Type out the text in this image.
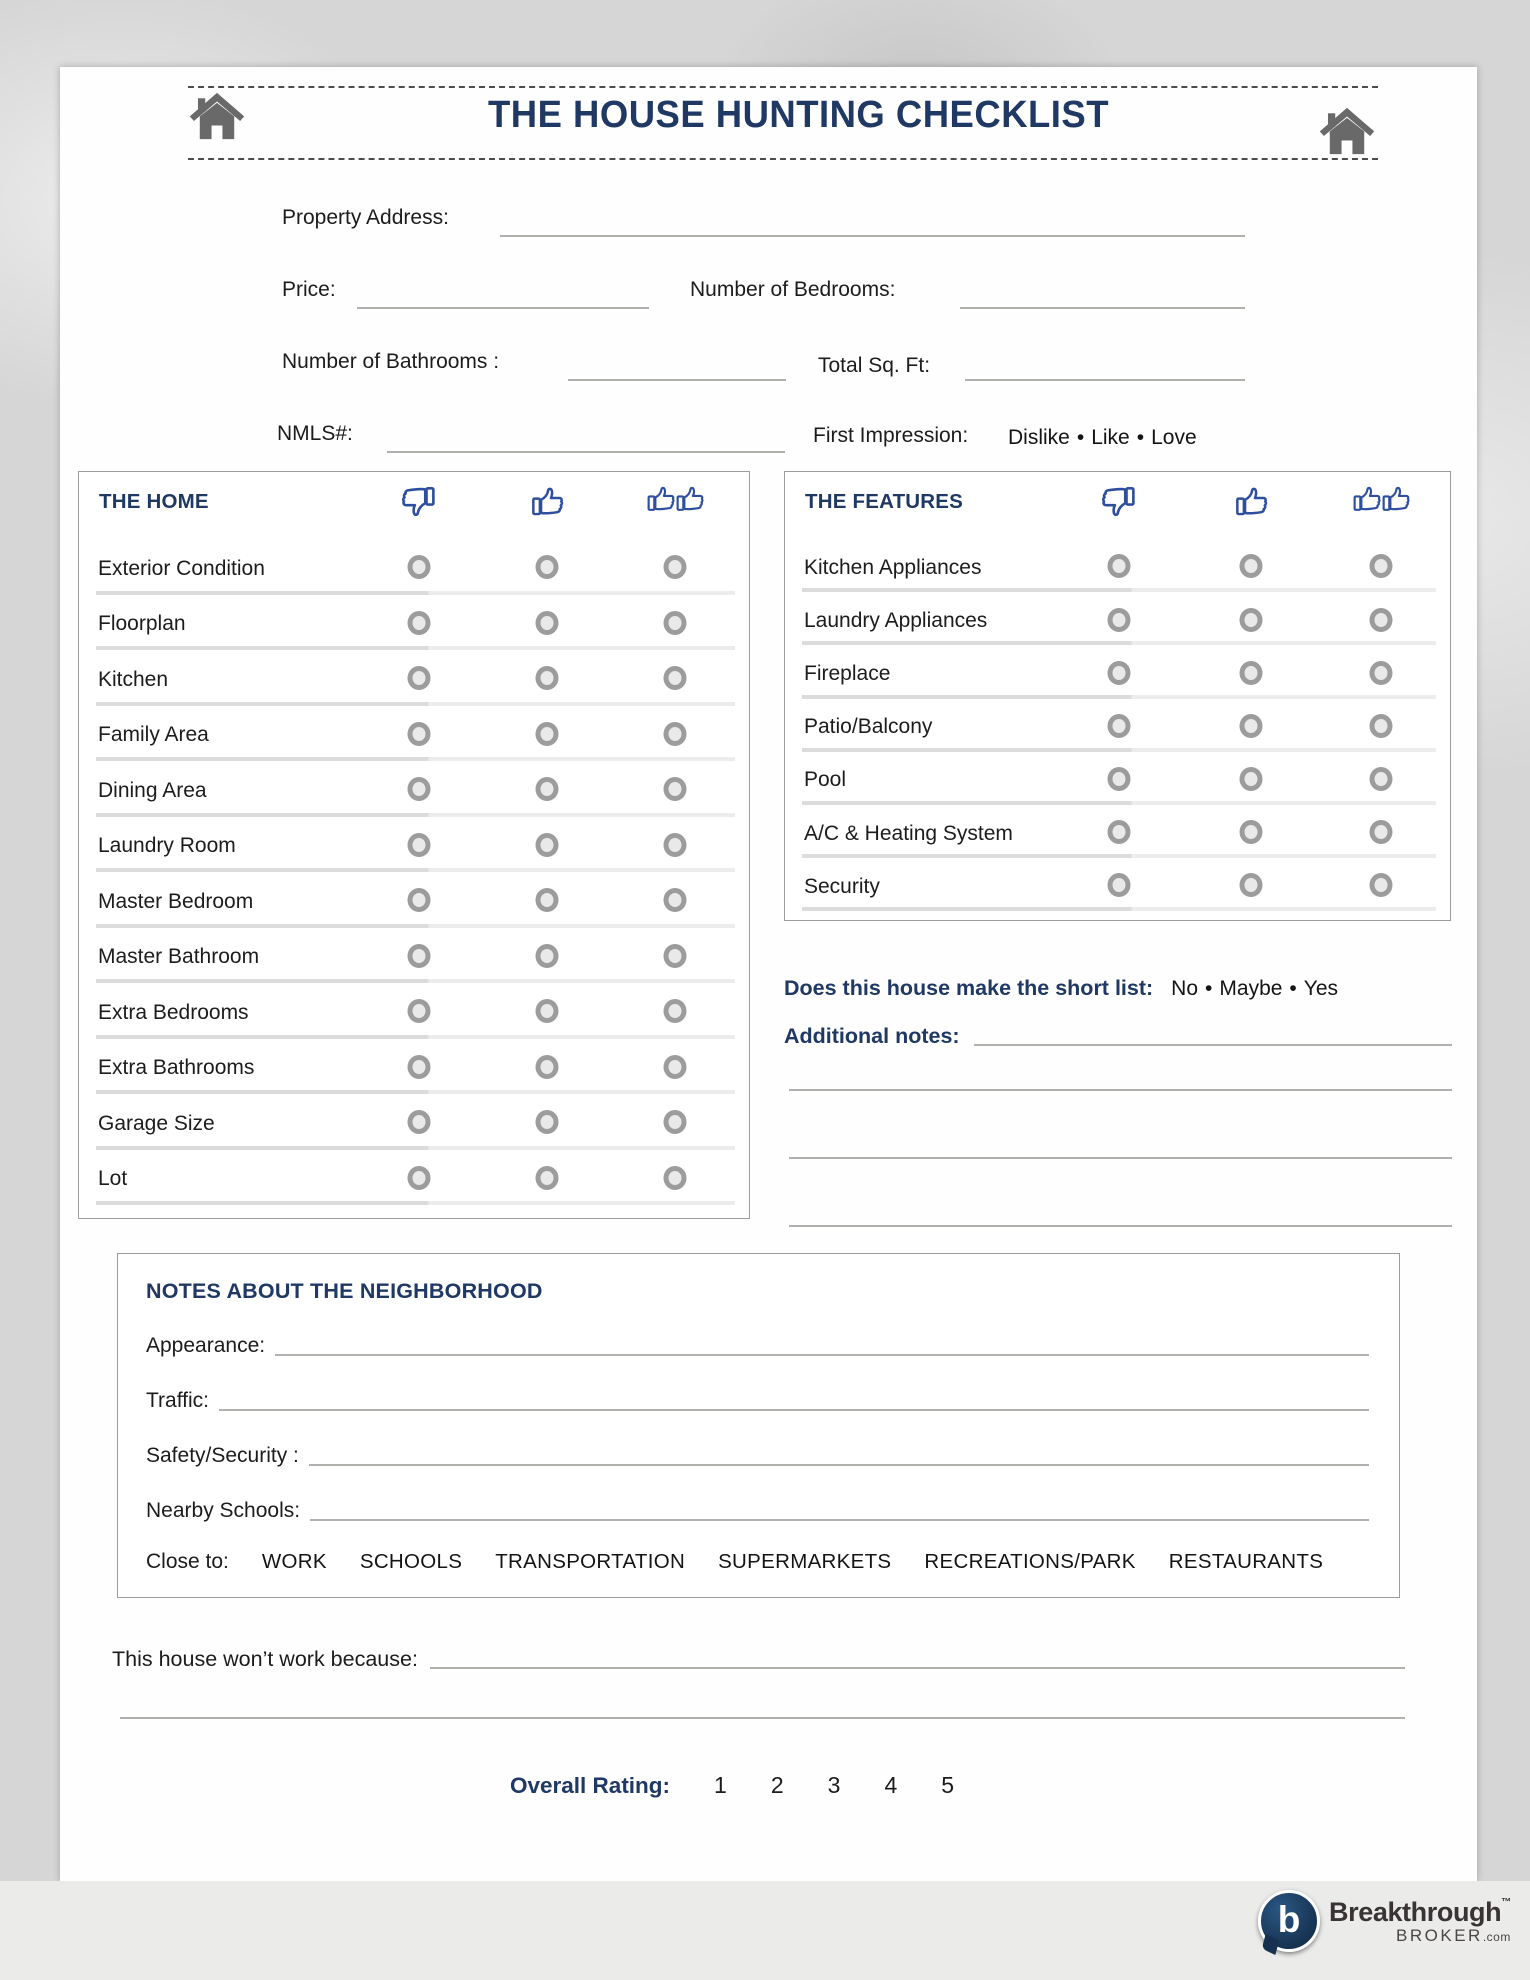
THE HOUSE HUNTING CHECKLIST
Property Address:
Price:	Number of Bedrooms:
Number of Bathrooms :	Total Sq. Ft:
NMLS#:	First Impression: Dislike • Like • Love
THE HOME
Exterior Condition
Floorplan
Kitchen
Family Area
Dining Area
Laundry Room
Master Bedroom
Master Bathroom
Extra Bedrooms
Extra Bathrooms
Garage Size
Lot
THE FEATURES
Kitchen Appliances
Laundry Appliances
Fireplace
Patio/Balcony
Pool
A/C & Heating System
Security
Does this house make the short list: No • Maybe • Yes
Additional notes:
NOTES ABOUT THE NEIGHBORHOOD
Appearance:
Traffic:
Safety/Security :
Nearby Schools:
Close to: WORK SCHOOLS TRANSPORTATION SUPERMARKETS RECREATIONS/PARK RESTAURANTS
This house won’t work because:
Overall Rating: 1 2 3 4 5
b Breakthrough™
BROKER.com
